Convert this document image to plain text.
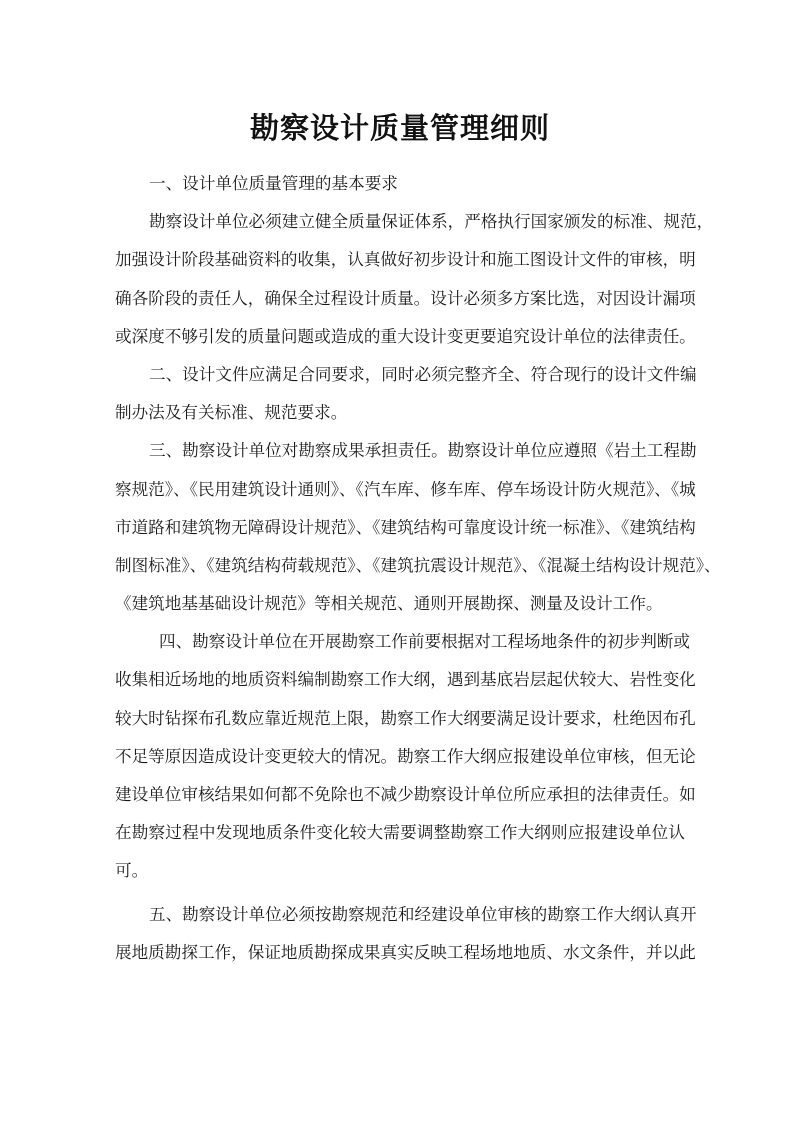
勘察设计质量管理细则
一、设计单位质量管理的基本要求
勘察设计单位必须建立健全质量保证体系，严格执行国家颁发的标准、规范，
加强设计阶段基础资料的收集，认真做好初步设计和施工图设计文件的审核，明
确各阶段的责任人，确保全过程设计质量。设计必须多方案比选，对因设计漏项
或深度不够引发的质量问题或造成的重大设计变更要追究设计单位的法律责任。
二、设计文件应满足合同要求，同时必须完整齐全、符合现行的设计文件编
制办法及有关标准、规范要求。
三、勘察设计单位对勘察成果承担责任。勘察设计单位应遵照《岩土工程勘
察规范》、《民用建筑设计通则》、《汽车库、修车库、停车场设计防火规范》、《城
市道路和建筑物无障碍设计规范》、《建筑结构可靠度设计统一标准》、《建筑结构
制图标准》、《建筑结构荷载规范》、《建筑抗震设计规范》、《混凝土结构设计规范》、
《建筑地基基础设计规范》等相关规范、通则开展勘探、测量及设计工作。
四、勘察设计单位在开展勘察工作前要根据对工程场地条件的初步判断或
收集相近场地的地质资料编制勘察工作大纲，遇到基底岩层起伏较大、岩性变化
较大时钻探布孔数应靠近规范上限，勘察工作大纲要满足设计要求，杜绝因布孔
不足等原因造成设计变更较大的情况。勘察工作大纲应报建设单位审核，但无论
建设单位审核结果如何都不免除也不减少勘察设计单位所应承担的法律责任。如
在勘察过程中发现地质条件变化较大需要调整勘察工作大纲则应报建设单位认
可。
五、勘察设计单位必须按勘察规范和经建设单位审核的勘察工作大纲认真开
展地质勘探工作，保证地质勘探成果真实反映工程场地地质、水文条件，并以此
